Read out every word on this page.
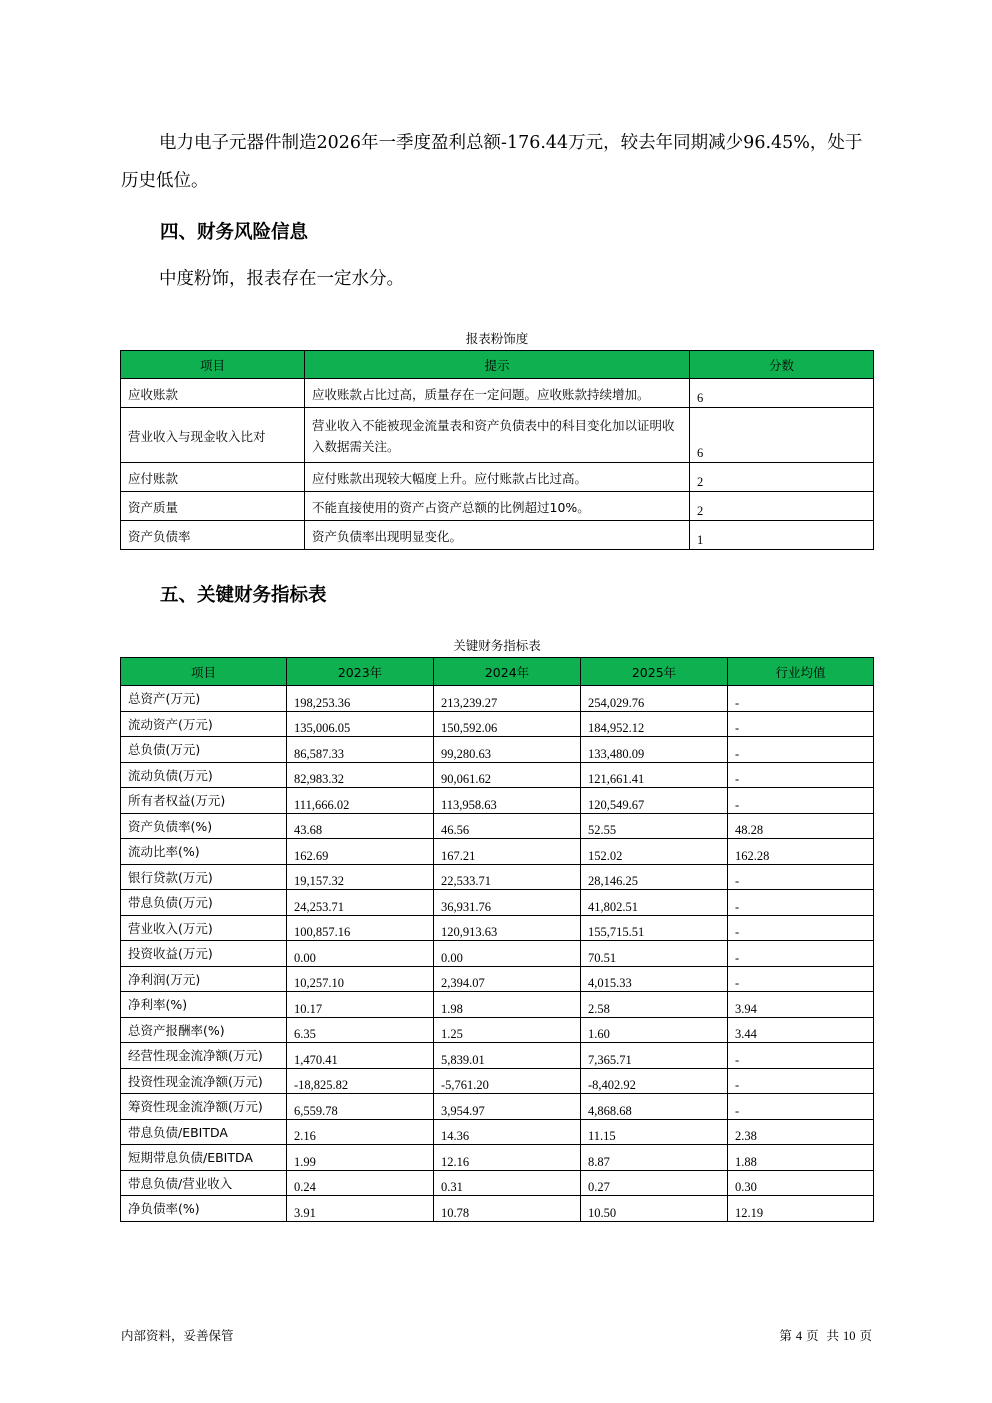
电力电子元器件制造2026年一季度盈利总额-176.44万元，较去年同期减少96.45%，处于历史低位。

四、财务风险信息

中度粉饰，报表存在一定水分。

报表粉饰度
项目	提示	分数
应收账款	应收账款占比过高，质量存在一定问题。应收账款持续增加。	6
营业收入与现金收入比对	营业收入不能被现金流量表和资产负债表中的科目变化加以证明收入数据需关注。	6
应付账款	应付账款出现较大幅度上升。应付账款占比过高。	2
资产质量	不能直接使用的资产占资产总额的比例超过10%。	2
资产负债率	资产负债率出现明显变化。	1
五、关键财务指标表
关键财务指标表
项目	2023年	2024年	2025年	行业均值
总资产(万元)	198,253.36	213,239.27	254,029.76	-
流动资产(万元)	135,006.05	150,592.06	184,952.12	-
总负债(万元)	86,587.33	99,280.63	133,480.09	-
流动负债(万元)	82,983.32	90,061.62	121,661.41	-
所有者权益(万元)	111,666.02	113,958.63	120,549.67	-
资产负债率(%)	43.68	46.56	52.55	48.28
流动比率(%)	162.69	167.21	152.02	162.28
银行贷款(万元)	19,157.32	22,533.71	28,146.25	-
带息负债(万元)	24,253.71	36,931.76	41,802.51	-
营业收入(万元)	100,857.16	120,913.63	155,715.51	-
投资收益(万元)	0.00	0.00	70.51	-
净利润(万元)	10,257.10	2,394.07	4,015.33	-
净利率(%)	10.17	1.98	2.58	3.94
总资产报酬率(%)	6.35	1.25	1.60	3.44
经营性现金流净额(万元)	1,470.41	5,839.01	7,365.71	-
投资性现金流净额(万元)	-18,825.82	-5,761.20	-8,402.92	-
筹资性现金流净额(万元)	6,559.78	3,954.97	4,868.68	-
带息负债/EBITDA	2.16	14.36	11.15	2.38
短期带息负债/EBITDA	1.99	12.16	8.87	1.88
带息负债/营业收入	0.24	0.31	0.27	0.30
净负债率(%)	3.91	10.78	10.50	12.19
内部资料，妥善保管	第 4 页  共 10 页
